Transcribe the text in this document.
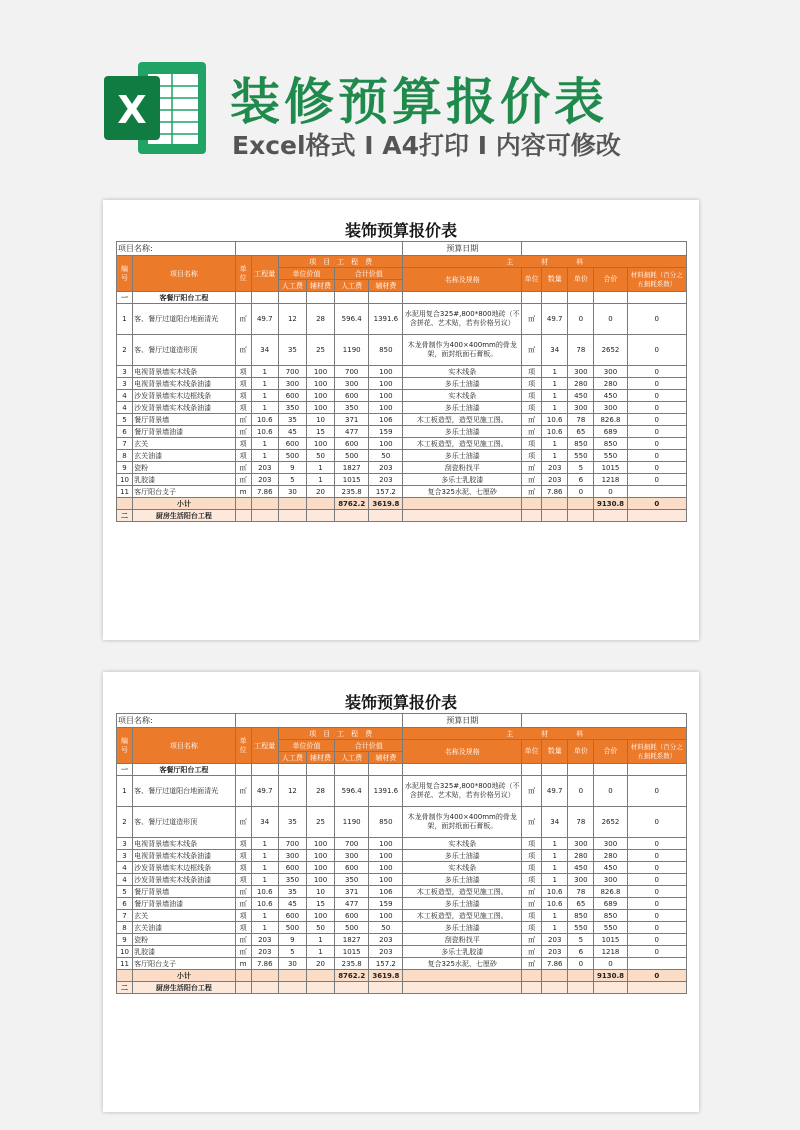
X 装修预算报价表
Excel格式 I A4打印 I 内容可修改
装饰预算报价表
项目名称:								预算日期					
编号	项目名称	单位	工程量	项　目　工　程　费				主　　　　材　　　　料					
				单位价值		合计价值		名称及规格	单位	数量	单价	合价	材料损耗（百分之五损耗系数）
				人工费	辅材费	人工费	辅材费						
一	客餐厅阳台工程												
1	客、餐厅过道阳台地面清光	㎡	49.7	12	28	596.4	1391.6	水泥用复合325#,800*800地砖（不含拼花、艺术贴，若有价格另议）	㎡	49.7	0	0	0
2	客、餐厅过道造形顶	㎡	34	35	25	1190	850	木龙骨制作为400×400mm的骨龙架，面封纸面石膏板。	㎡	34	78	2652	0
3	电视背景墙实木线条	项	1	700	100	700	100	实木线条	项	1	300	300	0
3	电视背景墙实木线条油漆	项	1	300	100	300	100	多乐士油漆	项	1	280	280	0
4	沙发背景墙实木边框线条	项	1	600	100	600	100	实木线条	项	1	450	450	0
4	沙发背景墙实木线条油漆	项	1	350	100	350	100	多乐士油漆	项	1	300	300	0
5	餐厅背景墙	㎡	10.6	35	10	371	106	木工板造型，造型见施工图。	㎡	10.6	78	826.8	0
6	餐厅背景墙油漆	㎡	10.6	45	15	477	159	多乐士油漆	㎡	10.6	65	689	0
7	玄关	项	1	600	100	600	100	木工板造型，造型见施工图。	项	1	850	850	0
8	玄关油漆	项	1	500	50	500	50	多乐士油漆	项	1	550	550	0
9	瓷粉	㎡	203	9	1	1827	203	刮瓷粉找平	㎡	203	5	1015	0
10	乳胶漆	㎡	203	5	1	1015	203	多乐士乳胶漆	㎡	203	6	1218	0
11	客厅阳台攴子	m	7.86	30	20	235.8	157.2	复合325水泥、七厘砂	㎡	7.86	0	0	
	小计					8762.2	3619.8					9130.8	0
二	厨房生活阳台工程												
装饰预算报价表
项目名称:								预算日期					
编号	项目名称	单位	工程量	项　目　工　程　费				主　　　　材　　　　料					
				单位价值		合计价值		名称及规格	单位	数量	单价	合价	材料损耗（百分之五损耗系数）
				人工费	辅材费	人工费	辅材费						
一	客餐厅阳台工程												
1	客、餐厅过道阳台地面清光	㎡	49.7	12	28	596.4	1391.6	水泥用复合325#,800*800地砖（不含拼花、艺术贴，若有价格另议）	㎡	49.7	0	0	0
2	客、餐厅过道造形顶	㎡	34	35	25	1190	850	木龙骨制作为400×400mm的骨龙架，面封纸面石膏板。	㎡	34	78	2652	0
3	电视背景墙实木线条	项	1	700	100	700	100	实木线条	项	1	300	300	0
3	电视背景墙实木线条油漆	项	1	300	100	300	100	多乐士油漆	项	1	280	280	0
4	沙发背景墙实木边框线条	项	1	600	100	600	100	实木线条	项	1	450	450	0
4	沙发背景墙实木线条油漆	项	1	350	100	350	100	多乐士油漆	项	1	300	300	0
5	餐厅背景墙	㎡	10.6	35	10	371	106	木工板造型，造型见施工图。	㎡	10.6	78	826.8	0
6	餐厅背景墙油漆	㎡	10.6	45	15	477	159	多乐士油漆	㎡	10.6	65	689	0
7	玄关	项	1	600	100	600	100	木工板造型，造型见施工图。	项	1	850	850	0
8	玄关油漆	项	1	500	50	500	50	多乐士油漆	项	1	550	550	0
9	瓷粉	㎡	203	9	1	1827	203	刮瓷粉找平	㎡	203	5	1015	0
10	乳胶漆	㎡	203	5	1	1015	203	多乐士乳胶漆	㎡	203	6	1218	0
11	客厅阳台攴子	m	7.86	30	20	235.8	157.2	复合325水泥、七厘砂	㎡	7.86	0	0	
	小计					8762.2	3619.8					9130.8	0
二	厨房生活阳台工程												
